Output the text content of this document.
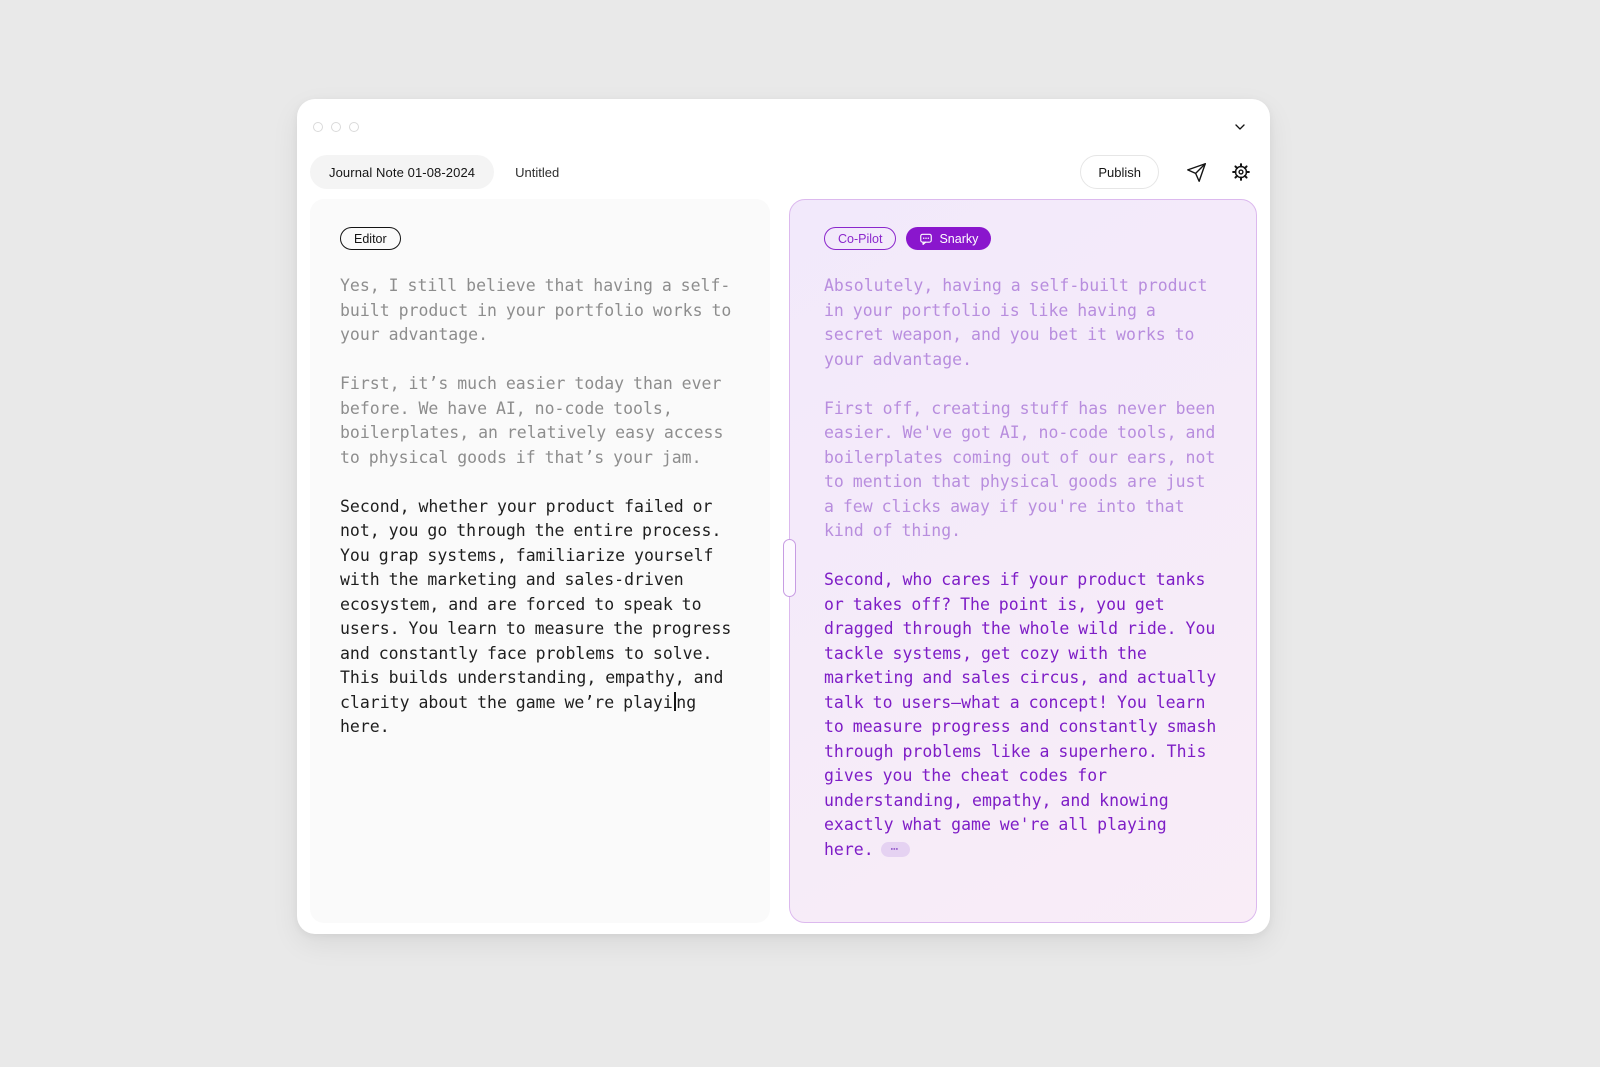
Journal Note 01-08-2024	Untitled	Publish
Editor

Yes, I still believe that having a self-built product in your portfolio works to your advantage.

First, it’s much easier today than ever before. We have AI, no-code tools, boilerplates, an relatively easy access to physical goods if that’s your jam.

Second, whether your product failed or not, you go through the entire process. You grap systems, familiarize yourself with the marketing and sales-driven ecosystem, and are forced to speak to users. You learn to measure the progress and constantly face problems to solve. This builds understanding, empathy, and clarity about the game we’re playi ng here.

Co-Pilot	Snarky

Absolutely, having a self-built product in your portfolio is like having a secret weapon, and you bet it works to your advantage.

First off, creating stuff has never been easier. We've got AI, no-code tools, and boilerplates coming out of our ears, not to mention that physical goods are just a few clicks away if you're into that kind of thing.

Second, who cares if your product tanks or takes off? The point is, you get dragged through the whole wild ride. You tackle systems, get cozy with the marketing and sales circus, and actually talk to users—what a concept! You learn to measure progress and constantly smash through problems like a superhero. This gives you the cheat codes for understanding, empathy, and knowing exactly what game we're all playing here. ⋯
